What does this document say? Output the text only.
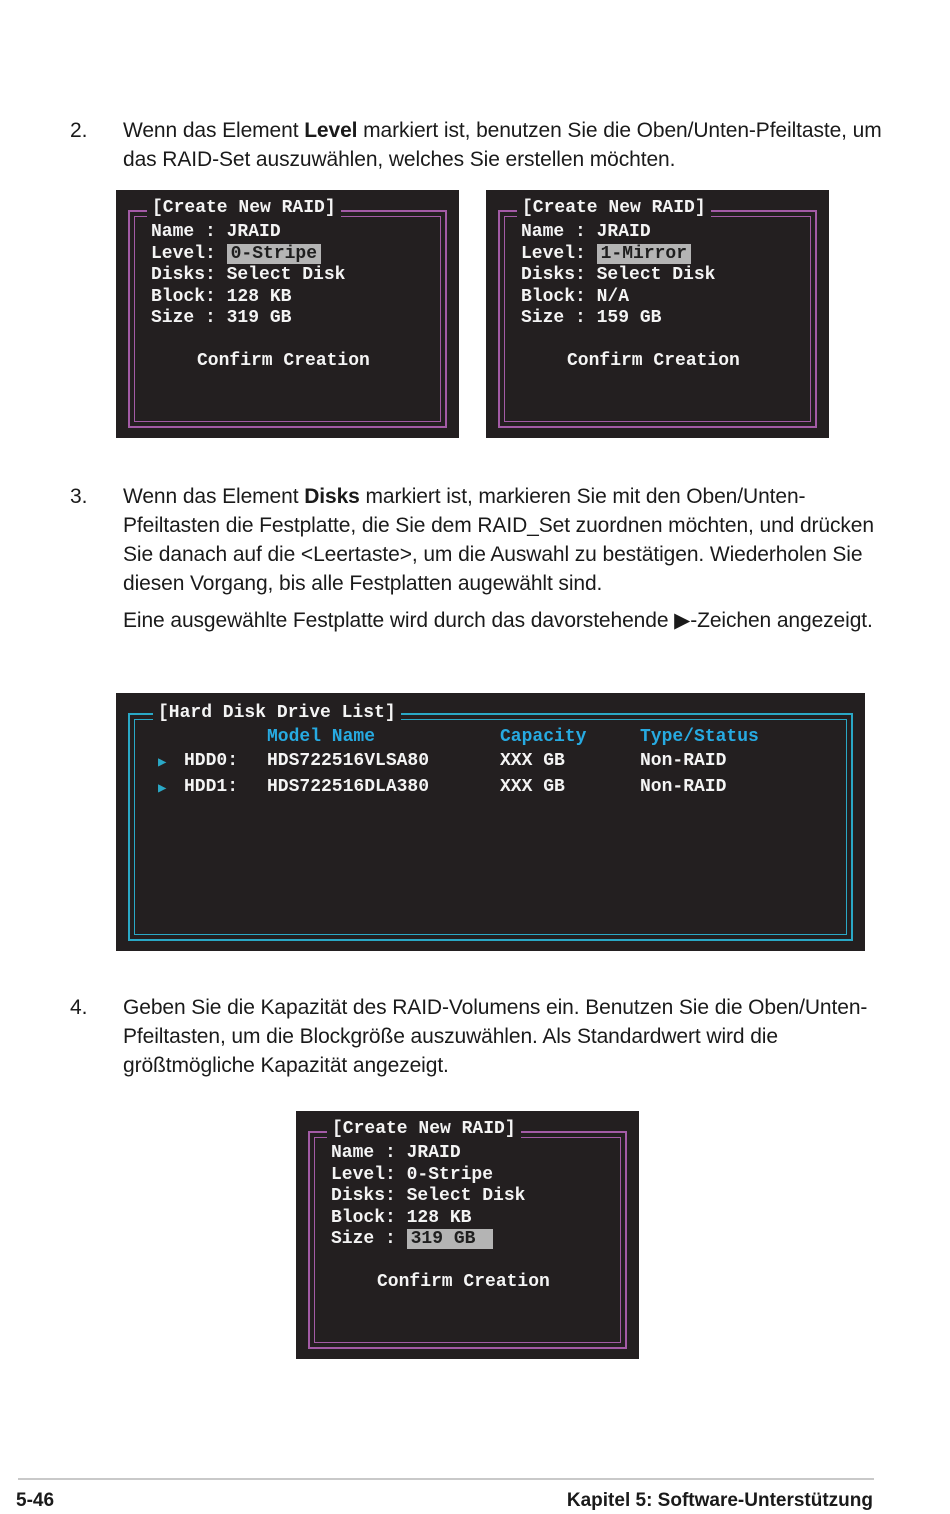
2. Wenn das Element Level markiert ist, benutzen Sie die Oben/Unten-Pfeiltaste, um das RAID-Set auszuwählen, welches Sie erstellen möchten.
[Create New RAID]
Name : JRAID
Level: 0-Stripe
Disks: Select Disk
Block: 128 KB
Size : 319 GB
Confirm Creation
[Create New RAID]
Name : JRAID
Level: 1-Mirror
Disks: Select Disk
Block: N/A
Size : 159 GB
Confirm Creation
3. Wenn das Element Disks markiert ist, markieren Sie mit den Oben/Unten-Pfeiltasten die Festplatte, die Sie dem RAID_Set zuordnen möchten, und drücken Sie danach auf die <Leertaste>, um die Auswahl zu bestätigen. Wiederholen Sie diesen Vorgang, bis alle Festplatten augewählt sind.
Eine ausgewählte Festplatte wird durch das davorstehende ▶-Zeichen angezeigt.
[Hard Disk Drive List]
Model Name	Capacity	Type/Status
▶ HDD0: HDS722516VLSA80	XXX GB	Non-RAID
▶ HDD1: HDS722516DLA380	XXX GB	Non-RAID
4. Geben Sie die Kapazität des RAID-Volumens ein. Benutzen Sie die Oben/Unten-Pfeiltasten, um die Blockgröße auszuwählen. Als Standardwert wird die größtmögliche Kapazität angezeigt.
[Create New RAID]
Name : JRAID
Level: 0-Stripe
Disks: Select Disk
Block: 128 KB
Size : 319 GB
Confirm Creation
5-46	Kapitel 5: Software-Unterstützung
